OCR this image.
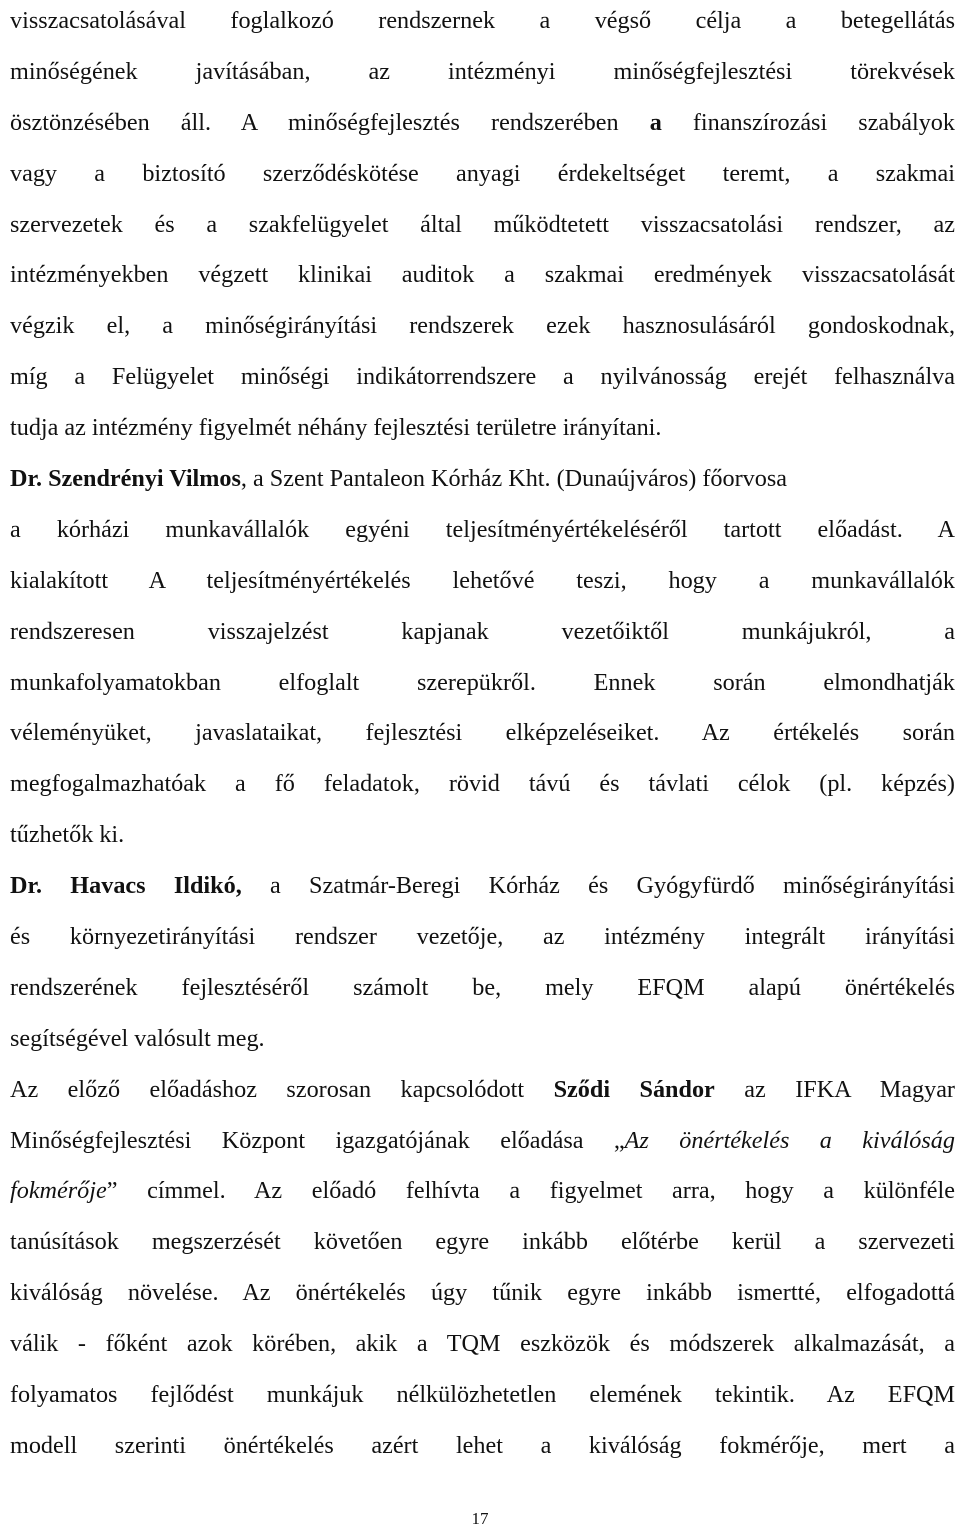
visszacsatolásával foglalkozó rendszernek a végső célja a betegellátás
minőségének javításában, az intézményi minőségfejlesztési törekvések
ösztönzésében áll. A minőségfejlesztés rendszerében a finanszírozási szabályok
vagy a biztosító szerződéskötése anyagi érdekeltséget teremt, a szakmai
szervezetek és a szakfelügyelet által működtetett visszacsatolási rendszer, az
intézményekben végzett klinikai auditok a szakmai eredmények visszacsatolását
végzik el, a minőségirányítási rendszerek ezek hasznosulásáról gondoskodnak,
míg a Felügyelet minőségi indikátorrendszere a nyilvánosság erejét felhasználva
tudja az intézmény figyelmét néhány fejlesztési területre irányítani.
Dr. Szendrényi Vilmos, a Szent Pantaleon Kórház Kht. (Dunaújváros) főorvosa
a kórházi munkavállalók egyéni teljesítményértékeléséről tartott előadást. A
kialakított A teljesítményértékelés lehetővé teszi, hogy a munkavállalók
rendszeresen visszajelzést kapjanak vezetőiktől munkájukról, a
munkafolyamatokban elfoglalt szerepükről. Ennek során elmondhatják
véleményüket, javaslataikat, fejlesztési elképzeléseiket. Az értékelés során
megfogalmazhatóak a fő feladatok, rövid távú és távlati célok (pl. képzés)
tűzhetők ki.
Dr. Havacs Ildikó, a Szatmár-Beregi Kórház és Gyógyfürdő minőségirányítási
és környezetirányítási rendszer vezetője, az intézmény integrált irányítási
rendszerének fejlesztéséről számolt be, mely EFQM alapú önértékelés
segítségével valósult meg.
Az előző előadáshoz szorosan kapcsolódott Sződi Sándor az IFKA Magyar
Minőségfejlesztési Központ igazgatójának előadása „Az önértékelés a kiválóság
fokmérője” címmel. Az előadó felhívta a figyelmet arra, hogy a különféle
tanúsítások megszerzését követően egyre inkább előtérbe kerül a szervezeti
kiválóság növelése. Az önértékelés úgy tűnik egyre inkább ismertté, elfogadottá
válik - főként azok körében, akik a TQM eszközök és módszerek alkalmazását, a
folyamatos fejlődést munkájuk nélkülözhetetlen elemének tekintik. Az EFQM
modell szerinti önértékelés azért lehet a kiválóság fokmérője, mert a
17
